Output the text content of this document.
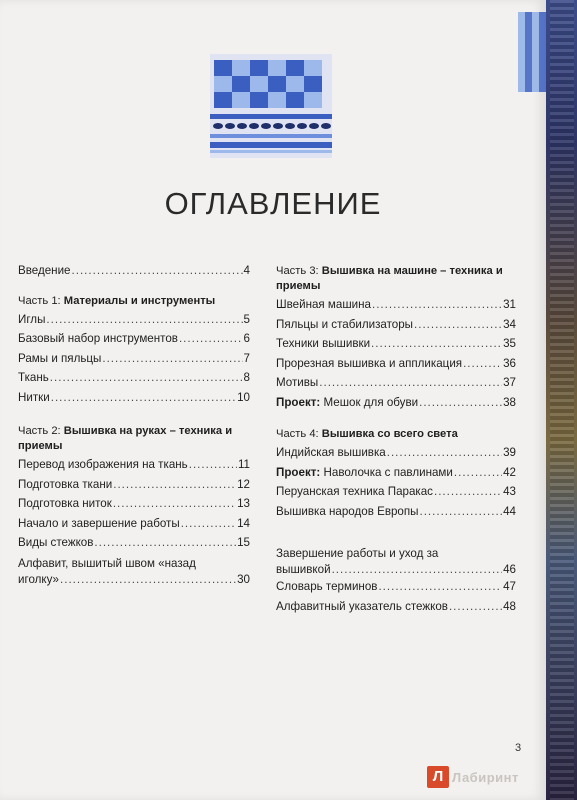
ОГЛАВЛЕНИЕ
Введение .....	4
Часть 1: Материалы и инструменты
Иглы .....	5
Базовый набор инструментов .....	6
Рамы и пяльцы .....	7
Ткань .....	8
Нитки .....	10
Часть 2: Вышивка на руках – техника и
приемы
Перевод изображения на ткань .....	11
Подготовка ткани .....	12
Подготовка ниток .....	13
Начало и завершение работы .....	14
Виды стежков .....	15
Алфавит, вышитый швом «назад
иголку» .....	30
Часть 3: Вышивка на машине – техника и
приемы
Швейная машина .....	31
Пяльцы и стабилизаторы .....	34
Техники вышивки .....	35
Прорезная вышивка и аппликация .....	36
Мотивы .....	37
Проект: Мешок для обуви .....	38
Часть 4: Вышивка со всего света
Индийская вышивка .....	39
Проект: Наволочка с павлинами .....	42
Перуанская техника Паракас .....	43
Вышивка народов Европы .....	44
Завершение работы и уход за
вышивкой .....	46
Словарь терминов .....	47
Алфавитный указатель стежков .....	48
3
Л Лабиринт
